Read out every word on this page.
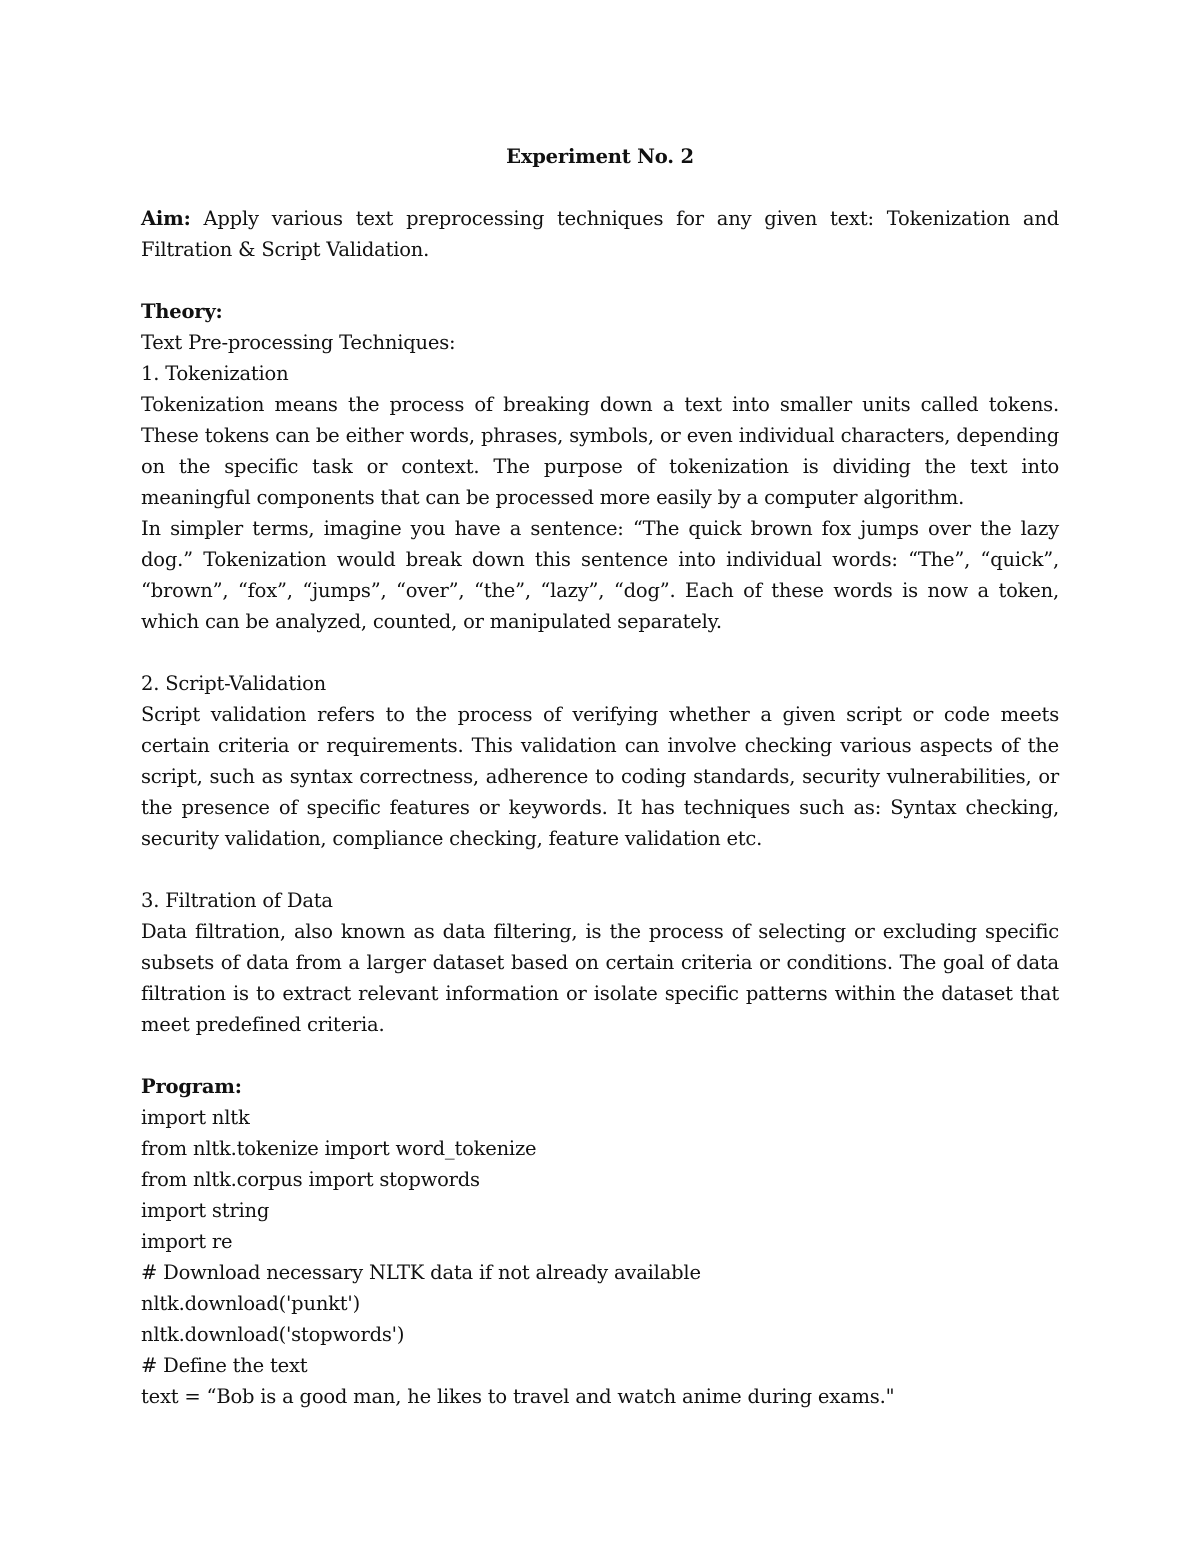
Experiment No. 2

Aim: Apply various text preprocessing techniques for any given text: Tokenization and Filtration & Script Validation.

Theory:
Text Pre-processing Techniques:
1. Tokenization

Tokenization means the process of breaking down a text into smaller units called tokens. These tokens can be either words, phrases, symbols, or even individual characters, depending on the specific task or context. The purpose of tokenization is dividing the text into meaningful components that can be processed more easily by a computer algorithm.

In simpler terms, imagine you have a sentence: “The quick brown fox jumps over the lazy dog.” Tokenization would break down this sentence into individual words: “The”, “quick”, “brown”, “fox”, “jumps”, “over”, “the”, “lazy”, “dog”. Each of these words is now a token, which can be analyzed, counted, or manipulated separately.

2. Script-Validation

Script validation refers to the process of verifying whether a given script or code meets certain criteria or requirements. This validation can involve checking various aspects of the script, such as syntax correctness, adherence to coding standards, security vulnerabilities, or the presence of specific features or keywords. It has techniques such as: Syntax checking, security validation, compliance checking, feature validation etc.

3. Filtration of Data

Data filtration, also known as data filtering, is the process of selecting or excluding specific subsets of data from a larger dataset based on certain criteria or conditions. The goal of data filtration is to extract relevant information or isolate specific patterns within the dataset that meet predefined criteria.

Program:
import nltk
from nltk.tokenize import word_tokenize
from nltk.corpus import stopwords
import string
import re
# Download necessary NLTK data if not already available
nltk.download('punkt')
nltk.download('stopwords')
# Define the text
text = “Bob is a good man, he likes to travel and watch anime during exams."
